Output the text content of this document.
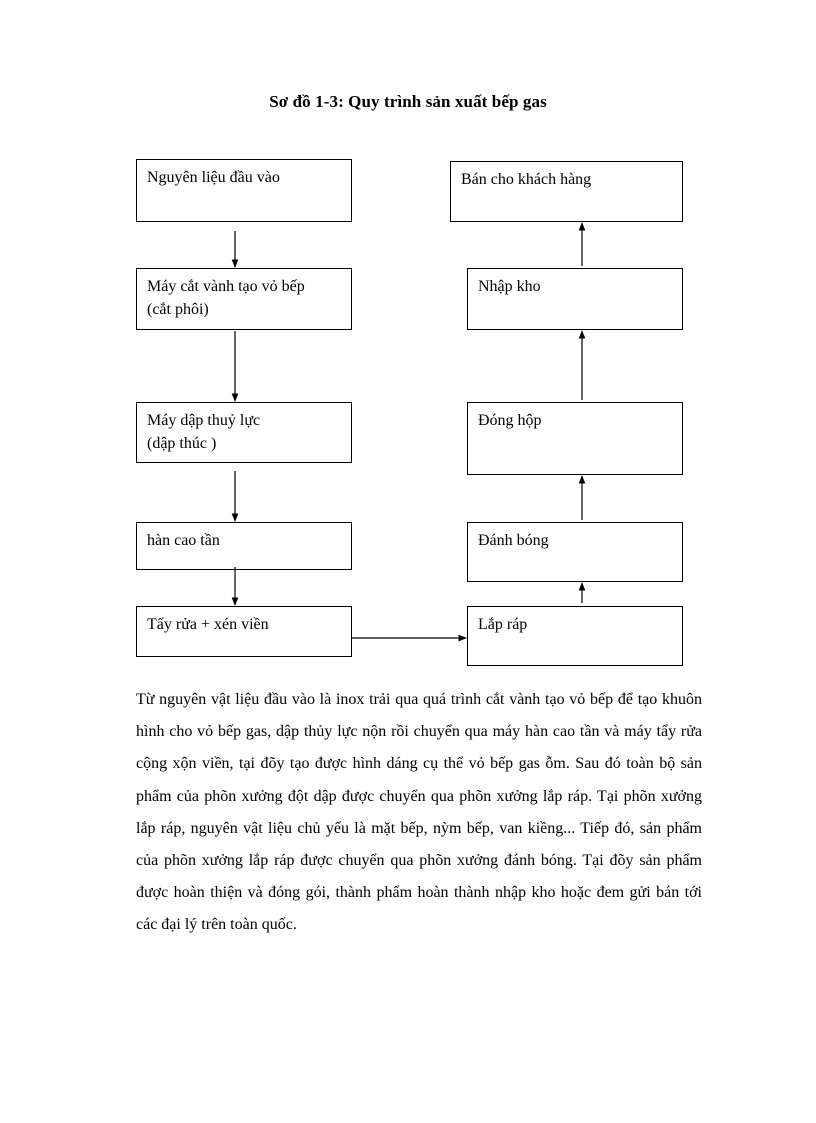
Sơ đồ 1-3: Quy trình sản xuất bếp gas
Nguyên liệu đầu vào
Máy cắt vành tạo vỏ bếp
(cắt phôi)
Máy dập thuỷ lực
(dập thúc )
hàn cao tần
Tẩy rửa + xén viền
Bán cho khách hàng
Nhập kho
Đóng hộp
Đánh bóng
Lắp ráp
Từ nguyên vật liệu đầu vào là inox trải qua quá trình cắt vành tạo vỏ bếp để tạo khuôn hình cho vỏ bếp gas, dập thủy lực nộn rồi chuyển qua máy hàn cao tần và máy tẩy rửa cộng xộn viền, tại đõy tạo được hình dáng cụ thể vỏ bếp gas ỗm. Sau đó toàn bộ sản phẩm của phõn xưởng đột dập được chuyển qua phõn xưởng lắp ráp. Tại phõn xưởng lắp ráp, nguyên vật liệu chủ yếu là mặt bếp, nỳm bếp, van kiềng... Tiếp đó, sản phẩm của phõn xưởng lắp ráp được chuyển qua phõn xưởng đánh bóng. Tại đõy sản phẩm được hoàn thiện và đóng gói, thành phẩm hoàn thành nhập kho hoặc đem gửi bán tới các đại lý trên toàn quốc.
